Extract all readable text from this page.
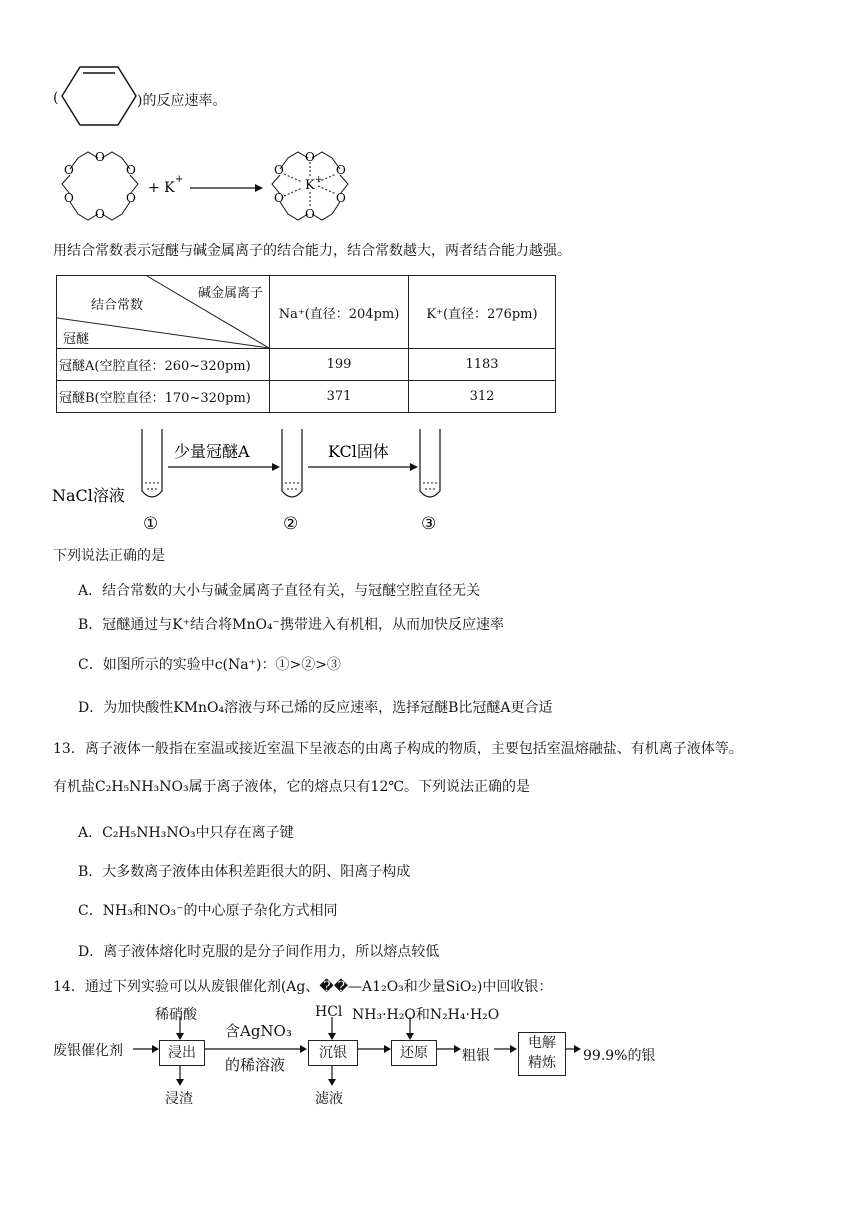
(	)的反应速率。
O
O
O
O
O
O
+ K
+
O
O
O
O
O
O
K +
用结合常数表示冠醚与碱金属离子的结合能力，结合常数越大，两者结合能力越强。
碱金属离子
结合常数
冠醚	Na⁺(直径：204pm)	K⁺(直径：276pm)
冠醚A(空腔直径：260~320pm)	199	1183
冠醚B(空腔直径：170~320pm)	371	312
NaCl溶液
少量冠醚A	KCl固体
①	②	③
下列说法正确的是
A．结合常数的大小与碱金属离子直径有关，与冠醚空腔直径无关
B．冠醚通过与K⁺结合将MnO₄⁻携带进入有机相，从而加快反应速率
C．如图所示的实验中c(Na⁺)：①>②>③
D．为加快酸性KMnO₄溶液与环己烯的反应速率，选择冠醚B比冠醚A更合适
13．离子液体一般指在室温或接近室温下呈液态的由离子构成的物质，主要包括室温熔融盐、有机离子液体等。
有机盐C₂H₅NH₃NO₃属于离子液体，它的熔点只有12℃。下列说法正确的是
A．C₂H₅NH₃NO₃中只存在离子键
B．大多数离子液体由体积差距很大的阴、阳离子构成
C．NH₃和NO₃⁻的中心原子杂化方式相同
D．离子液体熔化时克服的是分子间作用力，所以熔点较低
14．通过下列实验可以从废银催化剂(Ag、��—A1₂O₃和少量SiO₂)中回收银：
废银催化剂
稀硝酸
浸出
浸渣
含AgNO₃
的稀溶液
HCl NH₃·H₂O和N₂H₄·H₂O
沉银
滤液
还原	粗银
电解
精炼	99.9%的银
